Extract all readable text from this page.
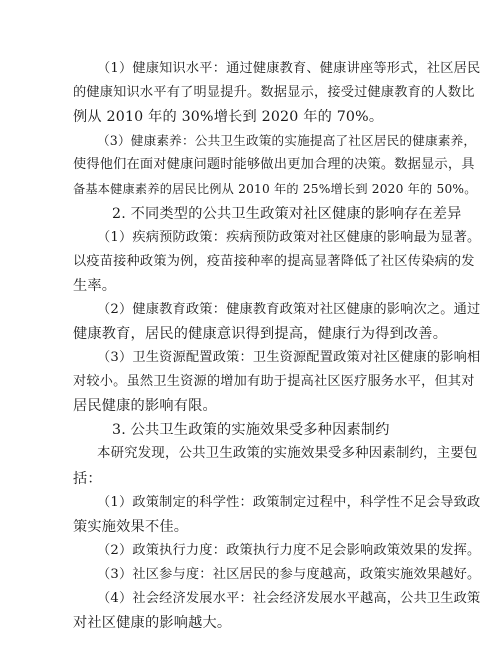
（1）健康知识水平：通过健康教育、健康讲座等形式，社区居民
的健康知识水平有了明显提升。数据显示，接受过健康教育的人数比
例从 2010 年的 30%增长到 2020 年的 70%。
（3）健康素养：公共卫生政策的实施提高了社区居民的健康素养，
使得他们在面对健康问题时能够做出更加合理的决策。数据显示，具
备基本健康素养的居民比例从 2010 年的 25%增长到 2020 年的 50%。
2. 不同类型的公共卫生政策对社区健康的影响存在差异
（1）疾病预防政策：疾病预防政策对社区健康的影响最为显著。
以疫苗接种政策为例，疫苗接种率的提高显著降低了社区传染病的发
生率。
（2）健康教育政策：健康教育政策对社区健康的影响次之。通过
健康教育，居民的健康意识得到提高，健康行为得到改善。
（3）卫生资源配置政策：卫生资源配置政策对社区健康的影响相
对较小。虽然卫生资源的增加有助于提高社区医疗服务水平，但其对
居民健康的影响有限。
3. 公共卫生政策的实施效果受多种因素制约
本研究发现，公共卫生政策的实施效果受多种因素制约，主要包
括：
（1）政策制定的科学性：政策制定过程中，科学性不足会导致政
策实施效果不佳。
（2）政策执行力度：政策执行力度不足会影响政策效果的发挥。
（3）社区参与度：社区居民的参与度越高，政策实施效果越好。
（4）社会经济发展水平：社会经济发展水平越高，公共卫生政策
对社区健康的影响越大。
